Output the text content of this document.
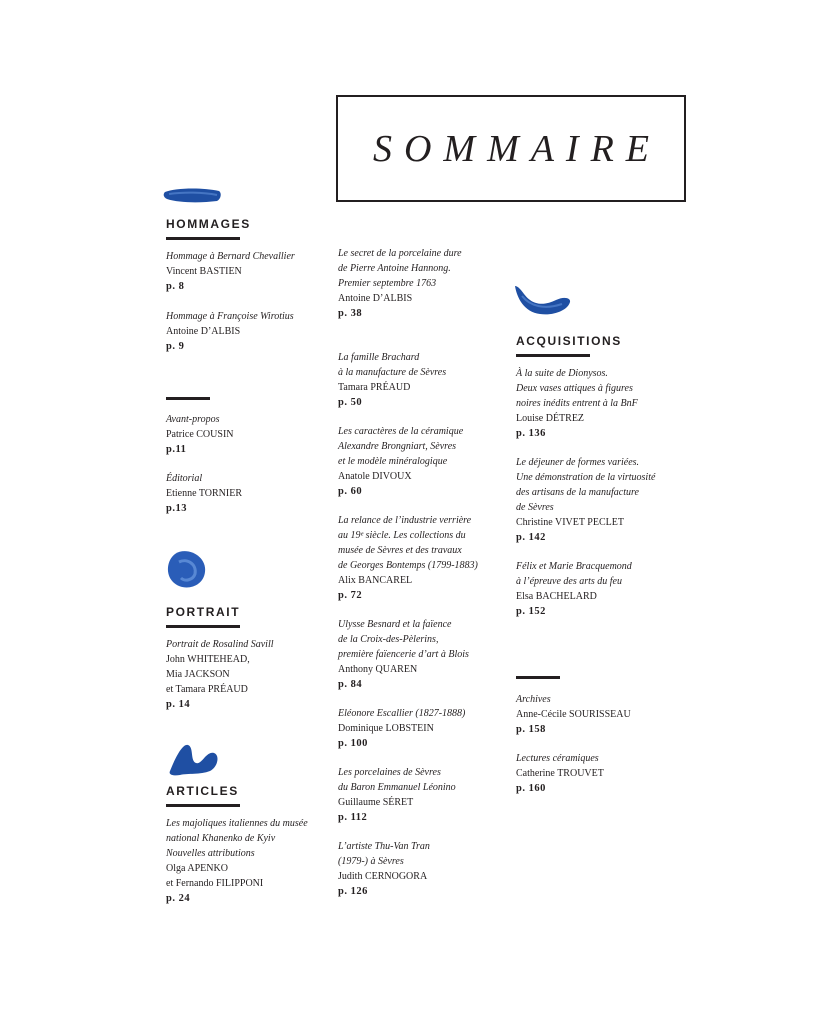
SOMMAIRE
HOMMAGES
Hommage à Bernard Chevallier
Vincent BASTIEN
p. 8
Hommage à Françoise Wirotius
Antoine D’ALBIS
p. 9
Avant-propos
Patrice COUSIN
p.11
Éditorial
Etienne TORNIER
p.13
PORTRAIT
Portrait de Rosalind Savill
John WHITEHEAD,
Mia JACKSON
et Tamara PRÉAUD
p. 14
ARTICLES
Les majoliques italiennes du musée
national Khanenko de Kyiv
Nouvelles attributions
Olga APENKO
et Fernando FILIPPONI
p. 24
Le secret de la porcelaine dure
de Pierre Antoine Hannong.
Premier septembre 1763
Antoine D’ALBIS
p. 38
La famille Brachard
à la manufacture de Sèvres
Tamara PRÉAUD
p. 50
Les caractères de la céramique
Alexandre Brongniart, Sèvres
et le modèle minéralogique
Anatole DIVOUX
p. 60
La relance de l’industrie verrière
au 19ᵉ siècle. Les collections du
musée de Sèvres et des travaux
de Georges Bontemps (1799-1883)
Alix BANCAREL
p. 72
Ulysse Besnard et la faïence
de la Croix-des-Pèlerins,
première faïencerie d’art à Blois
Anthony QUAREN
p. 84
Eléonore Escallier (1827-1888)
Dominique LOBSTEIN
p. 100
Les porcelaines de Sèvres
du Baron Emmanuel Léonino
Guillaume SÉRET
p. 112
L’artiste Thu-Van Tran
(1979-) à Sèvres
Judith CERNOGORA
p. 126
ACQUISITIONS
À la suite de Dionysos.
Deux vases attiques à figures
noires inédits entrent à la BnF
Louise DÉTREZ
p. 136
Le déjeuner de formes variées.
Une démonstration de la virtuosité
des artisans de la manufacture
de Sèvres
Christine VIVET PECLET
p. 142
Félix et Marie Bracquemond
à l’épreuve des arts du feu
Elsa BACHELARD
p. 152
Archives
Anne-Cécile SOURISSEAU
p. 158
Lectures céramiques
Catherine TROUVET
p. 160
